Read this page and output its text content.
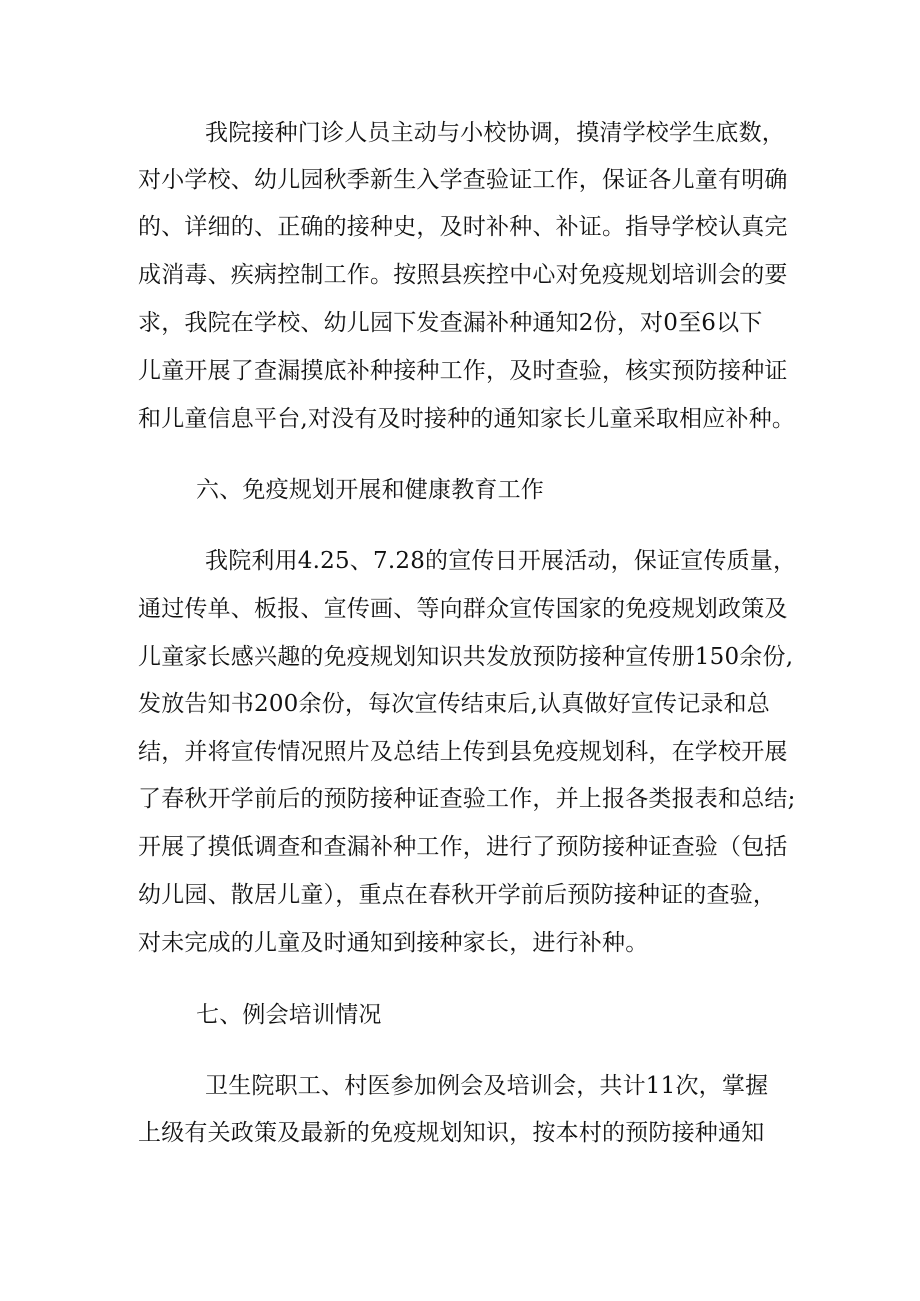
我院接种门诊人员主动与小校协调，摸清学校学生底数，
对小学校、幼儿园秋季新生入学查验证工作，保证各儿童有明确
的、详细的、正确的接种史，及时补种、补证。指导学校认真完
成消毒、疾病控制工作。按照县疾控中心对免疫规划培训会的要
求，我院在学校、幼儿园下发查漏补种通知2份，对0至6以下
儿童开展了查漏摸底补种接种工作，及时查验，核实预防接种证
和儿童信息平台,对没有及时接种的通知家长儿童采取相应补种。
六、免疫规划开展和健康教育工作
我院利用4.25、7.28的宣传日开展活动，保证宣传质量，
通过传单、板报、宣传画、等向群众宣传国家的免疫规划政策及
儿童家长感兴趣的免疫规划知识共发放预防接种宣传册150余份,
发放告知书200余份，每次宣传结束后,认真做好宣传记录和总
结，并将宣传情况照片及总结上传到县免疫规划科，在学校开展
了春秋开学前后的预防接种证查验工作，并上报各类报表和总结;
开展了摸低调查和查漏补种工作，进行了预防接种证查验（包括
幼儿园、散居儿童），重点在春秋开学前后预防接种证的查验，
对未完成的儿童及时通知到接种家长，进行补种。
七、例会培训情况
卫生院职工、村医参加例会及培训会，共计11次，掌握
上级有关政策及最新的免疫规划知识，按本村的预防接种通知
